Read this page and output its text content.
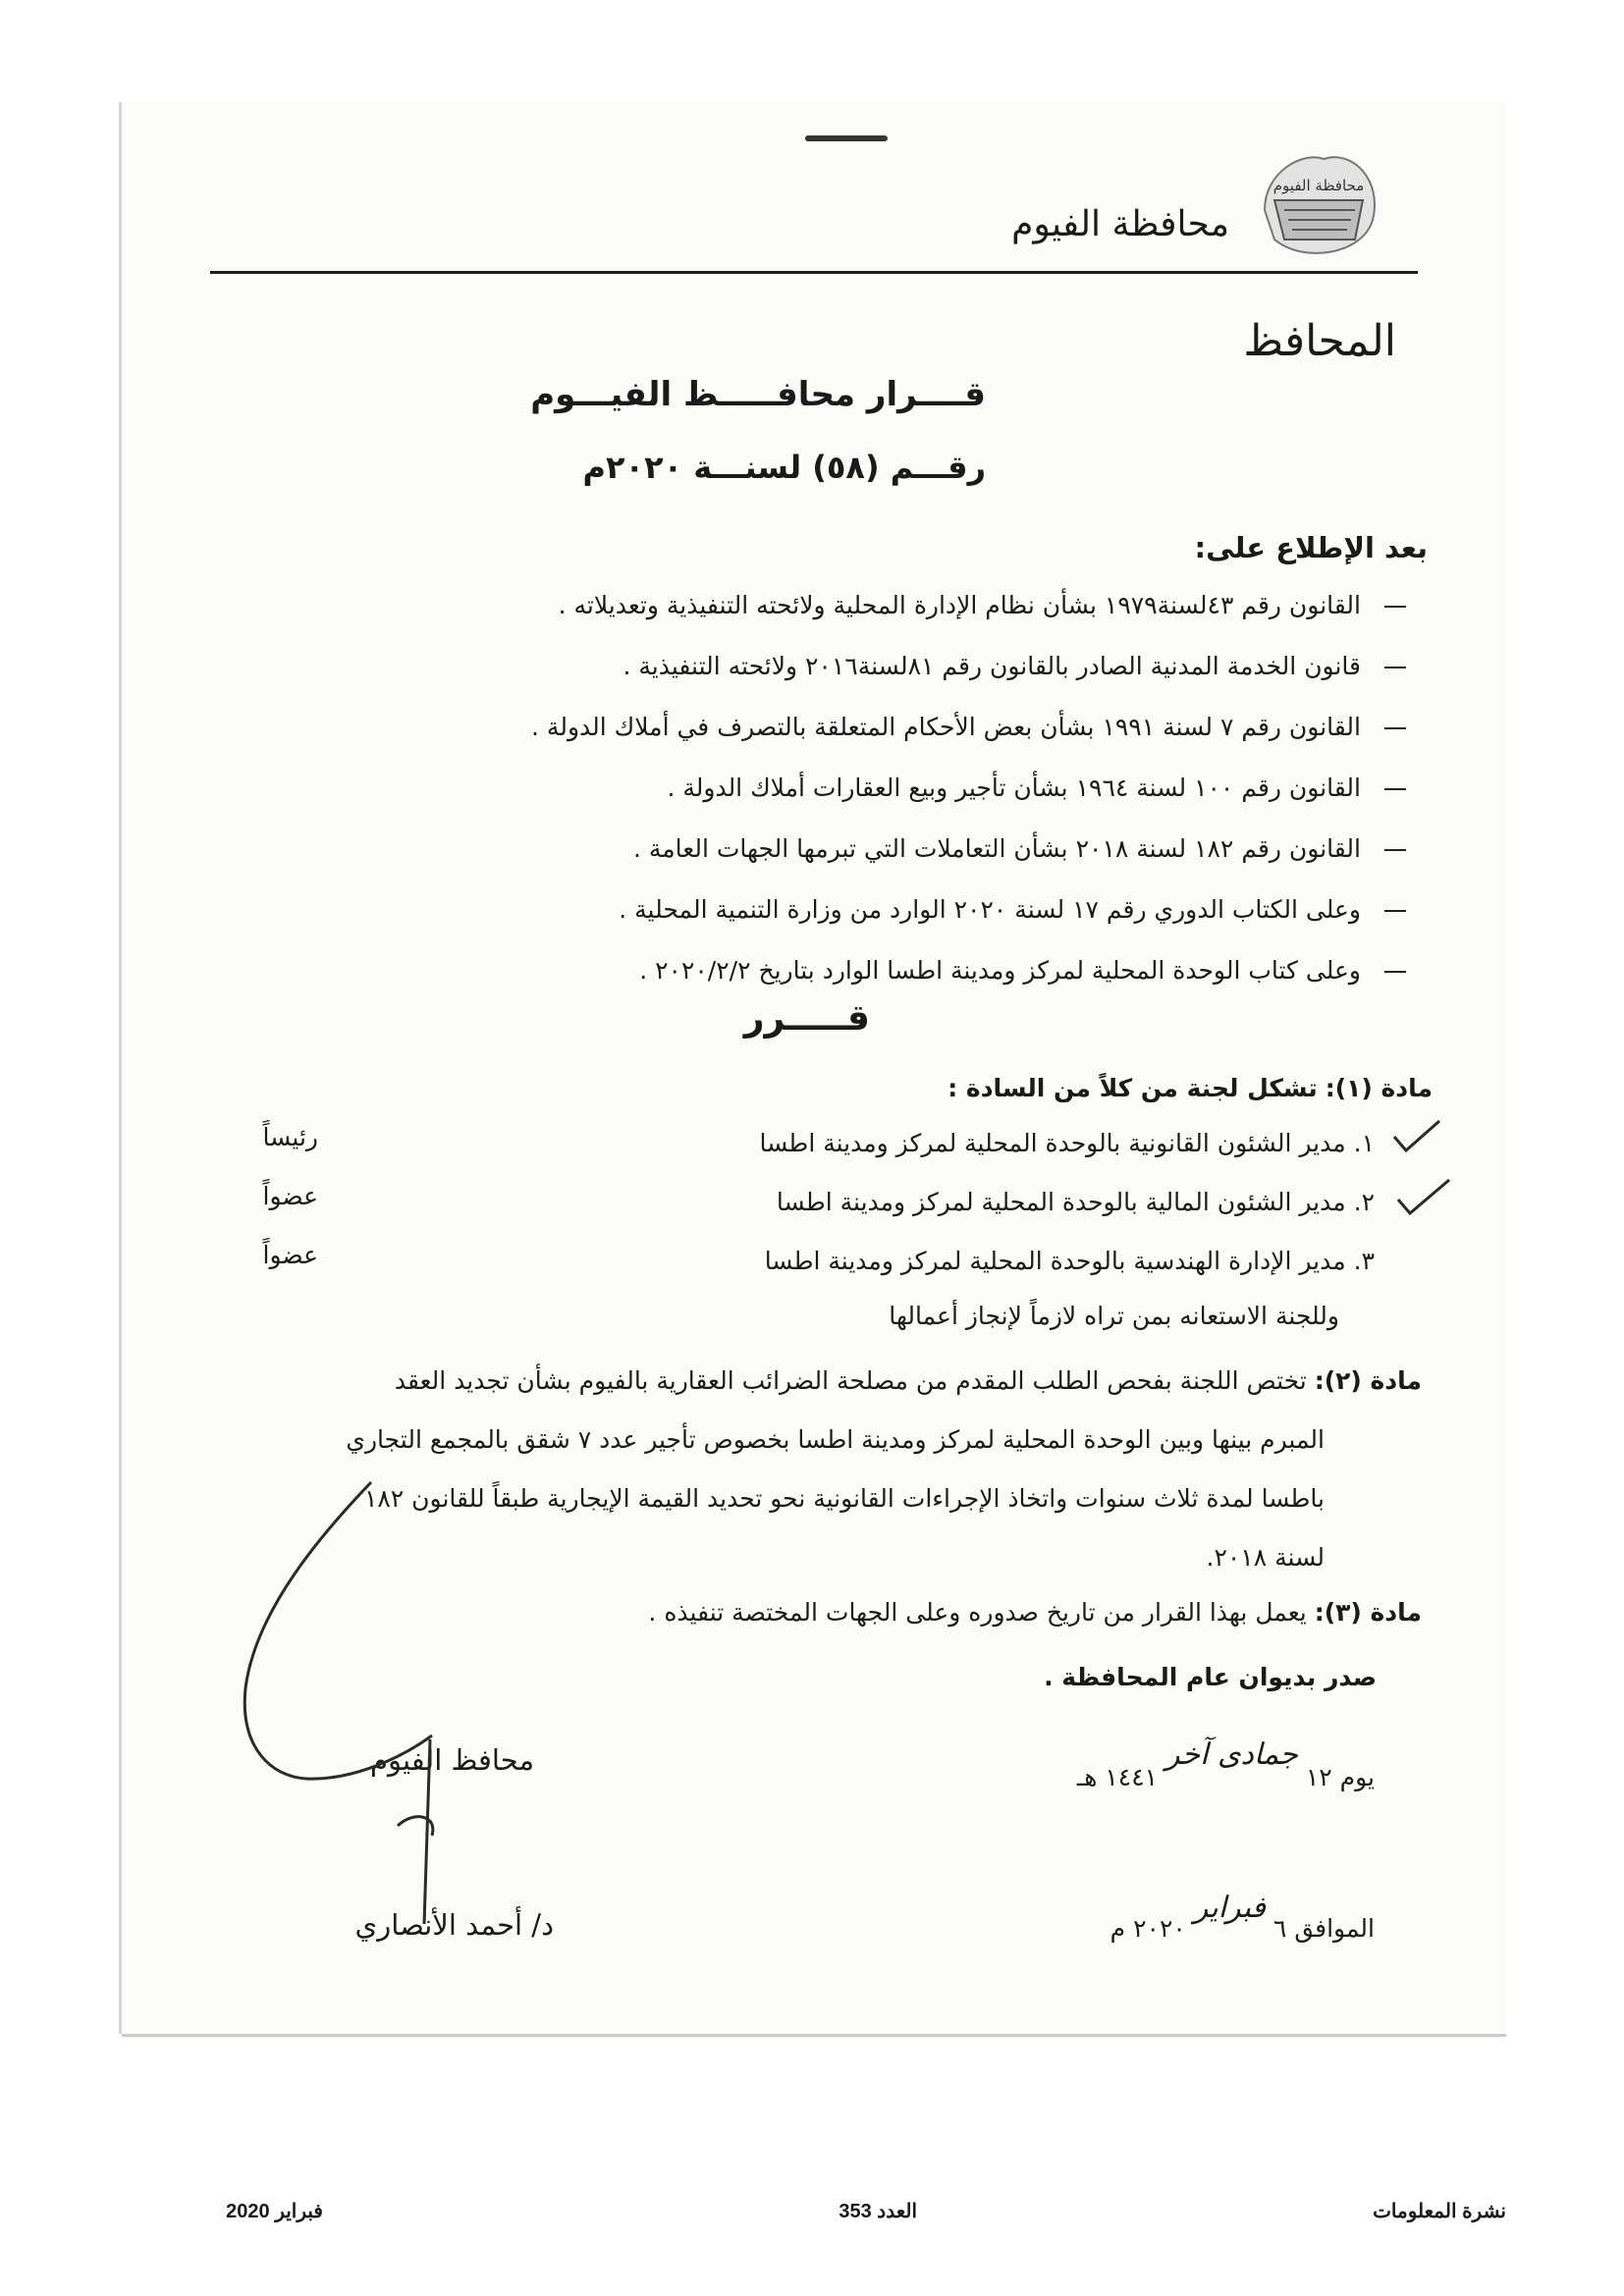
محافظة الفيوم
محافظة الفيوم
المحافظ
قــــرار محافـــــظ الفيـــوم
رقـــم (٥٨) لسنـــة ٢٠٢٠م
بعد الإطلاع على:
القانون رقم ٤٣لسنة١٩٧٩ بشأن نظام الإدارة المحلية ولائحته التنفيذية وتعديلاته .
قانون الخدمة المدنية الصادر بالقانون رقم ٨١لسنة٢٠١٦ ولائحته التنفيذية .
القانون رقم ٧ لسنة ١٩٩١ بشأن بعض الأحكام المتعلقة بالتصرف في أملاك الدولة .
القانون رقم ١٠٠ لسنة ١٩٦٤ بشأن تأجير وبيع العقارات أملاك الدولة .
القانون رقم ١٨٢ لسنة ٢٠١٨ بشأن التعاملات التي تبرمها الجهات العامة .
وعلى الكتاب الدوري رقم ١٧ لسنة ٢٠٢٠ الوارد من وزارة التنمية المحلية .
وعلى كتاب الوحدة المحلية لمركز ومدينة اطسا الوارد بتاريخ ٢٠٢٠/٢/٢ .
قـــــرر
مادة (١): تشكل لجنة من كلاً من السادة :
١. مدير الشئون القانونية بالوحدة المحلية لمركز ومدينة اطسا
رئيساً
٢. مدير الشئون المالية بالوحدة المحلية لمركز ومدينة اطسا
عضواً
٣. مدير الإدارة الهندسية بالوحدة المحلية لمركز ومدينة اطسا
عضواً
وللجنة الاستعانه بمن تراه لازماً لإنجاز أعمالها
مادة (٢): تختص اللجنة بفحص الطلب المقدم من مصلحة الضرائب العقارية بالفيوم بشأن تجديد العقد
المبرم بينها وبين الوحدة المحلية لمركز ومدينة اطسا بخصوص تأجير عدد ٧ شقق بالمجمع التجاري
باطسا لمدة ثلاث سنوات واتخاذ الإجراءات القانونية نحو تحديد القيمة الإيجارية طبقاً للقانون ١٨٢
لسنة ٢٠١٨.
مادة (٣): يعمل بهذا القرار من تاريخ صدوره وعلى الجهات المختصة تنفيذه .
صدر بديوان عام المحافظة .
يوم ١٢ جمادى آخر ١٤٤١ هـ
الموافق ٦ فبراير ٢٠٢٠ م
محافظ الفيوم
د/ أحمد الأنصاري
نشرة المعلومات
العدد 353
فبراير 2020
